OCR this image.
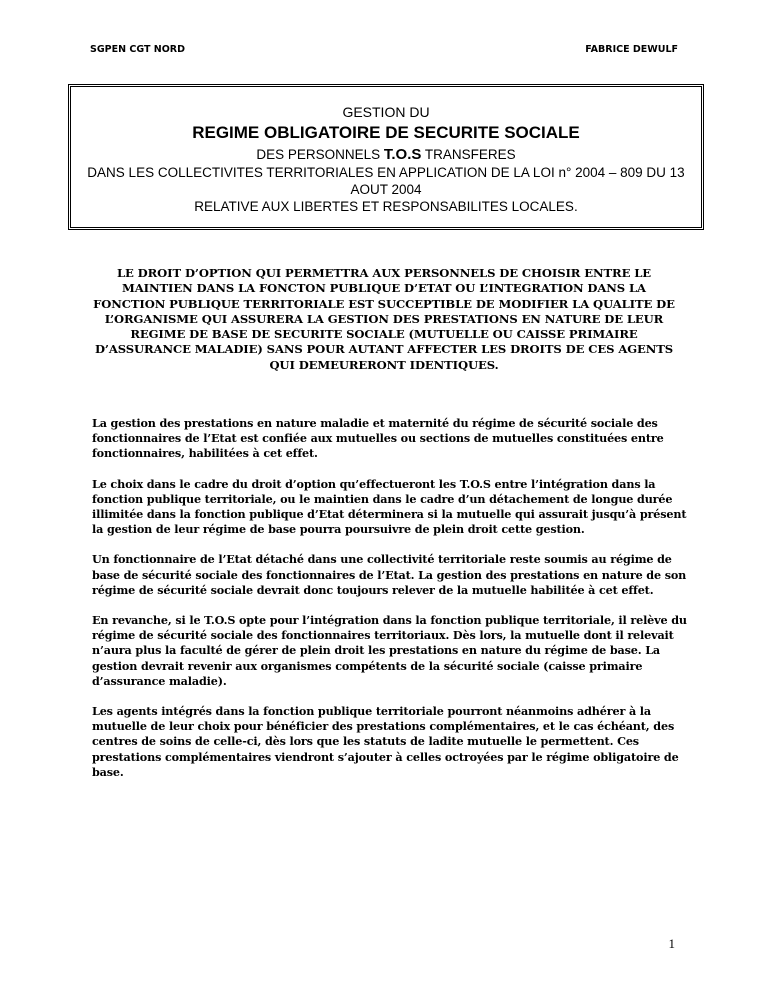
SGPEN CGT NORD	FABRICE DEWULF
GESTION DU
REGIME OBLIGATOIRE DE SECURITE SOCIALE
DES PERSONNELS T.O.S TRANSFERES
DANS LES COLLECTIVITES TERRITORIALES EN APPLICATION DE LA LOI n° 2004 – 809 DU 13 AOUT 2004
RELATIVE AUX LIBERTES ET RESPONSABILITES LOCALES.
LE DROIT D’OPTION QUI PERMETTRA AUX PERSONNELS DE CHOISIR ENTRE LE MAINTIEN DANS LA FONCTON PUBLIQUE D’ETAT OU L’INTEGRATION DANS LA FONCTION PUBLIQUE TERRITORIALE EST SUCCEPTIBLE DE MODIFIER LA QUALITE DE L’ORGANISME QUI ASSURERA LA GESTION DES PRESTATIONS EN NATURE DE LEUR REGIME DE BASE DE SECURITE SOCIALE (MUTUELLE OU CAISSE PRIMAIRE D’ASSURANCE MALADIE) SANS POUR AUTANT AFFECTER LES DROITS DE CES AGENTS QUI DEMEURERONT IDENTIQUES.

La gestion des prestations en nature maladie et maternité du régime de sécurité sociale des fonctionnaires de l’Etat est confiée aux mutuelles ou sections de mutuelles constituées entre fonctionnaires, habilitées à cet effet.

Le choix dans le cadre du droit d’option qu’effectueront les T.O.S entre l’intégration dans la fonction publique territoriale, ou le maintien dans le cadre d’un détachement de longue durée illimitée dans la fonction publique d’Etat déterminera si la mutuelle qui assurait jusqu’à présent la gestion de leur régime de base pourra poursuivre de plein droit cette gestion.

Un fonctionnaire de l’Etat détaché dans une collectivité territoriale reste soumis au régime de base de sécurité sociale des fonctionnaires de l’Etat. La gestion des prestations en nature de son régime de sécurité sociale devrait donc toujours relever de la mutuelle habilitée à cet effet.

En revanche, si le T.O.S opte pour l’intégration dans la fonction publique territoriale, il relève du régime de sécurité sociale des fonctionnaires territoriaux. Dès lors, la mutuelle dont il relevait n’aura plus la faculté de gérer de plein droit les prestations en nature du régime de base. La gestion devrait revenir aux organismes compétents de la sécurité sociale (caisse primaire d’assurance maladie).

Les agents intégrés dans la fonction publique territoriale pourront néanmoins adhérer à la mutuelle de leur choix pour bénéficier des prestations complémentaires, et le cas échéant, des centres de soins de celle-ci, dès lors que les statuts de ladite mutuelle le permettent. Ces prestations complémentaires viendront s’ajouter à celles octroyées par le régime obligatoire de base.

1
